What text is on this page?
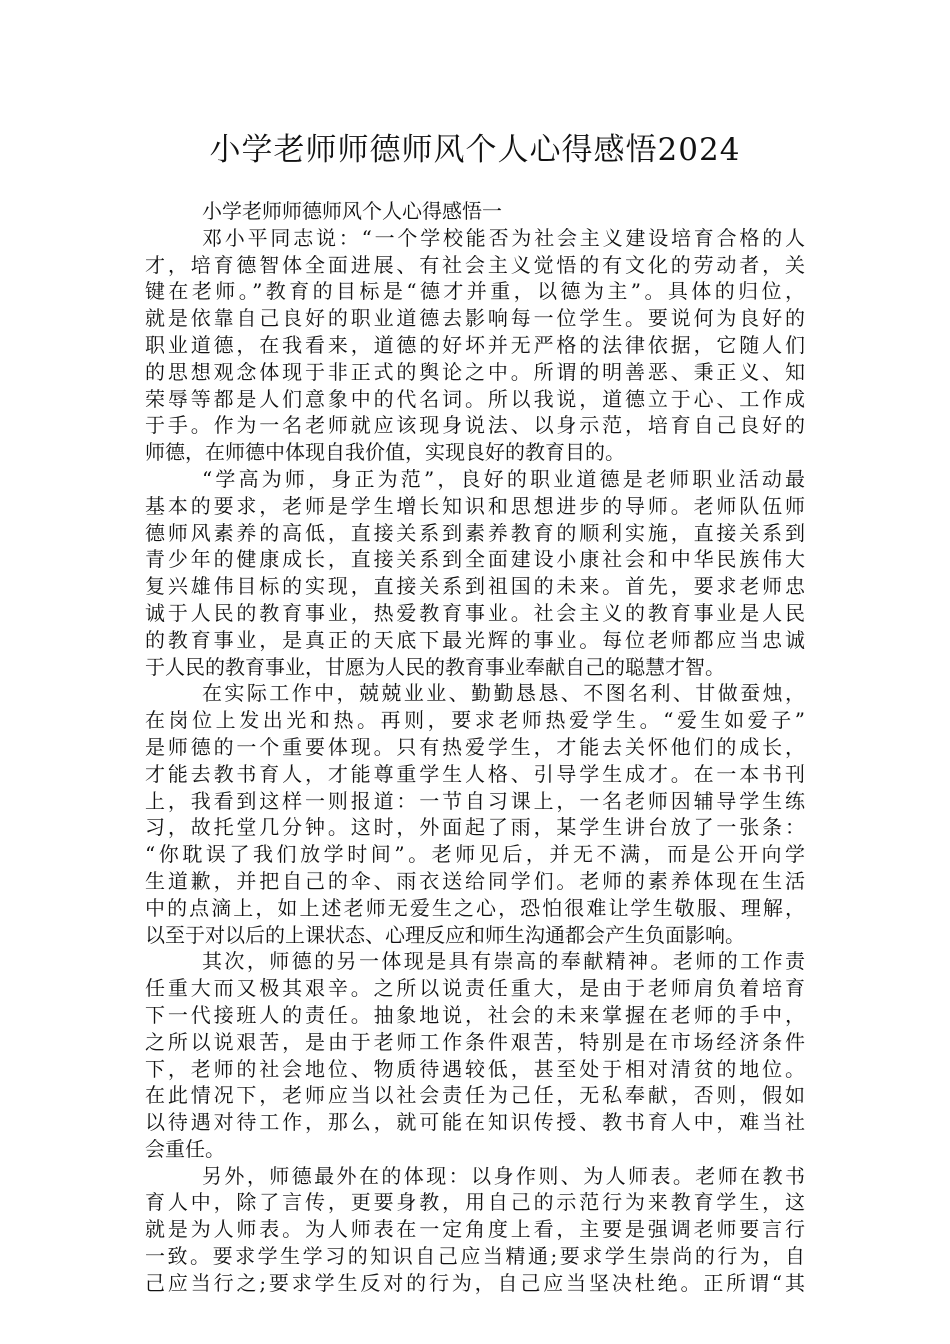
小学老师师德师风个人心得感悟2024
小学老师师德师风个人心得感悟一
邓小平同志说：“一个学校能否为社会主义建设培育合格的人
才，培育德智体全面进展、有社会主义觉悟的有文化的劳动者，关
键在老师。”教育的目标是“德才并重，以德为主”。具体的归位，
就是依靠自己良好的职业道德去影响每一位学生。要说何为良好的
职业道德，在我看来，道德的好坏并无严格的法律依据，它随人们
的思想观念体现于非正式的舆论之中。所谓的明善恶、秉正义、知
荣辱等都是人们意象中的代名词。所以我说，道德立于心、工作成
于手。作为一名老师就应该现身说法、以身示范，培育自己良好的
师德，在师德中体现自我价值，实现良好的教育目的。
“学高为师，身正为范”，良好的职业道德是老师职业活动最
基本的要求，老师是学生增长知识和思想进步的导师。老师队伍师
德师风素养的高低，直接关系到素养教育的顺利实施，直接关系到
青少年的健康成长，直接关系到全面建设小康社会和中华民族伟大
复兴雄伟目标的实现，直接关系到祖国的未来。首先，要求老师忠
诚于人民的教育事业，热爱教育事业。社会主义的教育事业是人民
的教育事业，是真正的天底下最光辉的事业。每位老师都应当忠诚
于人民的教育事业，甘愿为人民的教育事业奉献自己的聪慧才智。
在实际工作中，兢兢业业、勤勤恳恳、不图名利、甘做蚕烛，
在岗位上发出光和热。再则，要求老师热爱学生。“爱生如爱子”
是师德的一个重要体现。只有热爱学生，才能去关怀他们的成长，
才能去教书育人，才能尊重学生人格、引导学生成才。在一本书刊
上，我看到这样一则报道：一节自习课上，一名老师因辅导学生练
习，故托堂几分钟。这时，外面起了雨，某学生讲台放了一张条：
“你耽误了我们放学时间”。老师见后，并无不满，而是公开向学
生道歉，并把自己的伞、雨衣送给同学们。老师的素养体现在生活
中的点滴上，如上述老师无爱生之心，恐怕很难让学生敬服、理解，
以至于对以后的上课状态、心理反应和师生沟通都会产生负面影响。
其次，师德的另一体现是具有崇高的奉献精神。老师的工作责
任重大而又极其艰辛。之所以说责任重大，是由于老师肩负着培育
下一代接班人的责任。抽象地说，社会的未来掌握在老师的手中，
之所以说艰苦，是由于老师工作条件艰苦，特别是在市场经济条件
下，老师的社会地位、物质待遇较低，甚至处于相对清贫的地位。
在此情况下，老师应当以社会责任为己任，无私奉献，否则，假如
以待遇对待工作，那么，就可能在知识传授、教书育人中，难当社
会重任。
另外，师德最外在的体现：以身作则、为人师表。老师在教书
育人中，除了言传，更要身教，用自己的示范行为来教育学生，这
就是为人师表。为人师表在一定角度上看，主要是强调老师要言行
一致。要求学生学习的知识自己应当精通;要求学生崇尚的行为，自
己应当行之;要求学生反对的行为，自己应当坚决杜绝。正所谓“其
